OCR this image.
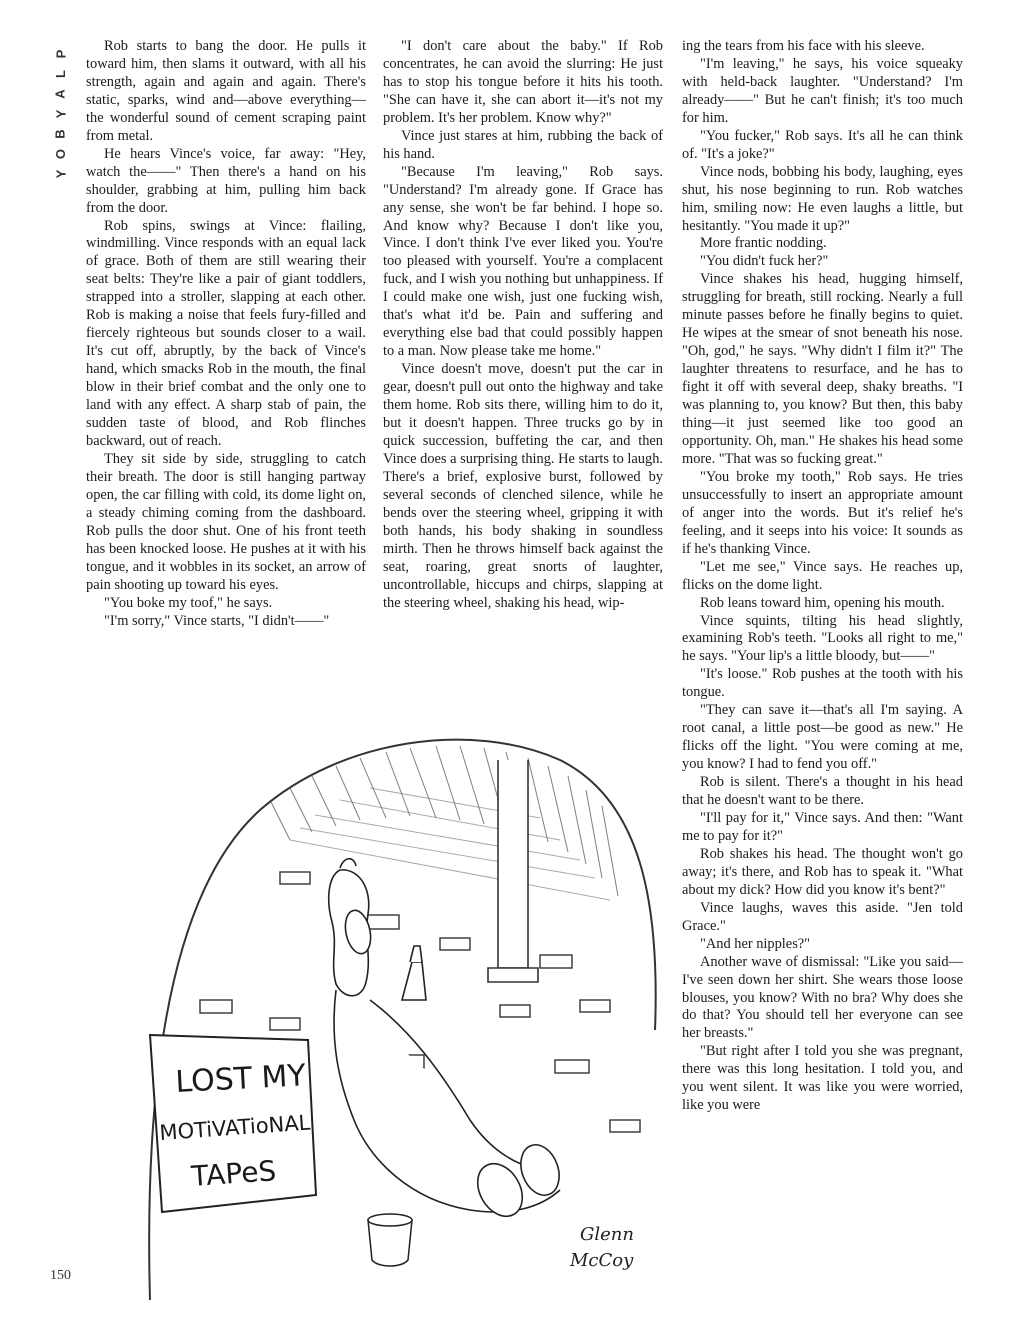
P
L
A
Y
B
O
Y

Rob starts to bang the door. He pulls it toward him, then slams it outward, with all his strength, again and again and again. There's static, sparks, wind and—above everything—the wonderful sound of cement scraping paint from metal.

He hears Vince's voice, far away: "Hey, watch the——" Then there's a hand on his shoulder, grabbing at him, pulling him back from the door.

Rob spins, swings at Vince: flailing, windmilling. Vince responds with an equal lack of grace. Both of them are still wearing their seat belts: They're like a pair of giant toddlers, strapped into a stroller, slapping at each other. Rob is making a noise that feels fury-filled and fiercely righteous but sounds closer to a wail. It's cut off, abruptly, by the back of Vince's hand, which smacks Rob in the mouth, the final blow in their brief combat and the only one to land with any effect. A sharp stab of pain, the sudden taste of blood, and Rob flinches backward, out of reach.

They sit side by side, struggling to catch their breath. The door is still hanging partway open, the car filling with cold, its dome light on, a steady chiming coming from the dashboard. Rob pulls the door shut. One of his front teeth has been knocked loose. He pushes at it with his tongue, and it wobbles in its socket, an arrow of pain shooting up toward his eyes.

"You boke my toof," he says.

"I'm sorry," Vince starts, "I didn't——"

"I don't care about the baby." If Rob concentrates, he can avoid the slurring: He just has to stop his tongue before it hits his tooth. "She can have it, she can abort it—it's not my problem. It's her problem. Know why?"

Vince just stares at him, rubbing the back of his hand.

"Because I'm leaving," Rob says. "Understand? I'm already gone. If Grace has any sense, she won't be far behind. I hope so. And know why? Because I don't like you, Vince. I don't think I've ever liked you. You're too pleased with yourself. You're a complacent fuck, and I wish you nothing but unhappiness. If I could make one wish, just one fucking wish, that's what it'd be. Pain and suffering and everything else bad that could possibly happen to a man. Now please take me home."

Vince doesn't move, doesn't put the car in gear, doesn't pull out onto the highway and take them home. Rob sits there, willing him to do it, but it doesn't happen. Three trucks go by in quick succession, buffeting the car, and then Vince does a surprising thing. He starts to laugh. There's a brief, explosive burst, followed by several seconds of clenched silence, while he bends over the steering wheel, gripping it with both hands, his body shaking in soundless mirth. Then he throws himself back against the seat, roaring, great snorts of laughter, uncontrollable, hiccups and chirps, slapping at the steering wheel, shaking his head, wip-

ing the tears from his face with his sleeve.

"I'm leaving," he says, his voice squeaky with held-back laughter. "Understand? I'm already——" But he can't finish; it's too much for him.

"You fucker," Rob says. It's all he can think of. "It's a joke?"

Vince nods, bobbing his body, laughing, eyes shut, his nose beginning to run. Rob watches him, smiling now: He even laughs a little, but hesitantly. "You made it up?"

More frantic nodding.

"You didn't fuck her?"

Vince shakes his head, hugging himself, struggling for breath, still rocking. Nearly a full minute passes before he finally begins to quiet. He wipes at the smear of snot beneath his nose. "Oh, god," he says. "Why didn't I film it?" The laughter threatens to resurface, and he has to fight it off with several deep, shaky breaths. "I was planning to, you know? But then, this baby thing—it just seemed like too good an opportunity. Oh, man." He shakes his head some more. "That was so fucking great."

"You broke my tooth," Rob says. He tries unsuccessfully to insert an appropriate amount of anger into the words. But it's relief he's feeling, and it seeps into his voice: It sounds as if he's thanking Vince.

"Let me see," Vince says. He reaches up, flicks on the dome light.

Rob leans toward him, opening his mouth.

Vince squints, tilting his head slightly, examining Rob's teeth. "Looks all right to me," he says. "Your lip's a little bloody, but——"

"It's loose." Rob pushes at the tooth with his tongue.

"They can save it—that's all I'm saying. A root canal, a little post—be good as new." He flicks off the light. "You were coming at me, you know? I had to fend you off."

Rob is silent. There's a thought in his head that he doesn't want to be there.

"I'll pay for it," Vince says. And then: "Want me to pay for it?"

Rob shakes his head. The thought won't go away; it's there, and Rob has to speak it. "What about my dick? How did you know it's bent?"

Vince laughs, waves this aside. "Jen told Grace."

"And her nipples?"

Another wave of dismissal: "Like you said—I've seen down her shirt. She wears those loose blouses, you know? With no bra? Why does she do that? You should tell her everyone can see her breasts."

"But right after I told you she was pregnant, there was this long hesitation. I told you, and you went silent. It was like you were worried, like you were

LOST MY
MOTiVATioNAL
TAPeS
Glenn
McCoy
150
